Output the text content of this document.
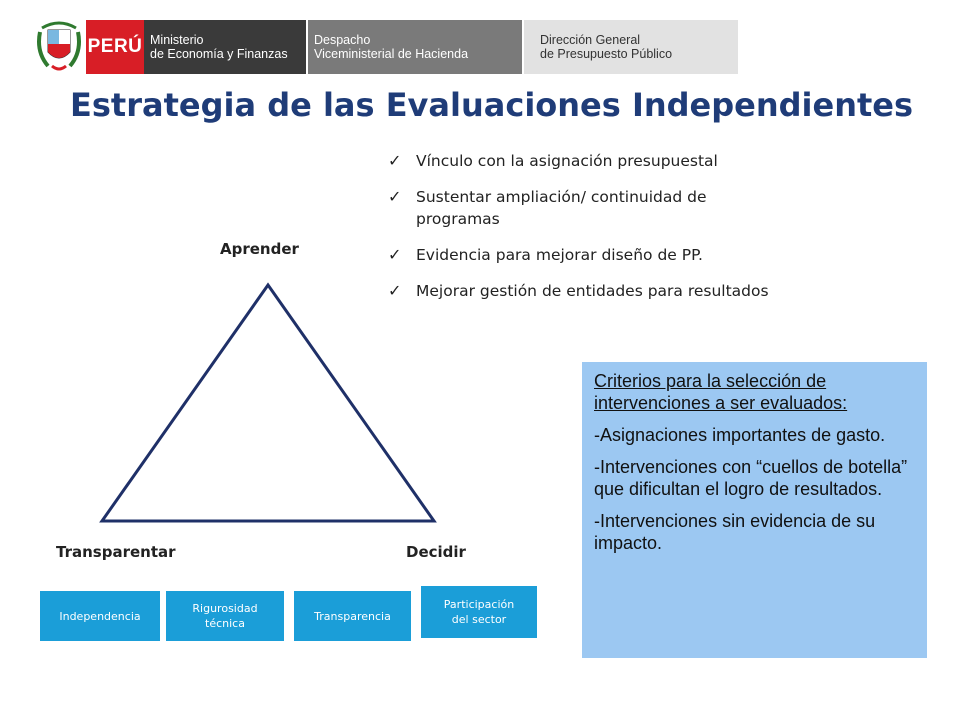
PERÚ Ministerio
de Economía y Finanzas
Despacho
Viceministerial de Hacienda
Dirección General
de Presupuesto Público
Estrategia de las Evaluaciones Independientes
✓ Vínculo con la asignación presupuestal
✓ Sustentar ampliación/ continuidad de programas
✓ Evidencia para mejorar diseño de PP.
✓ Mejorar gestión de entidades para resultados
Aprender
Transparentar	Decidir
Independencia
Rigurosidad técnica
Transparencia
Participación del sector
Criterios para la selección de intervenciones a ser evaluados:
-Asignaciones importantes de gasto.
-Intervenciones con “cuellos de botella” que dificultan el logro de resultados.
-Intervenciones sin evidencia de su impacto.
